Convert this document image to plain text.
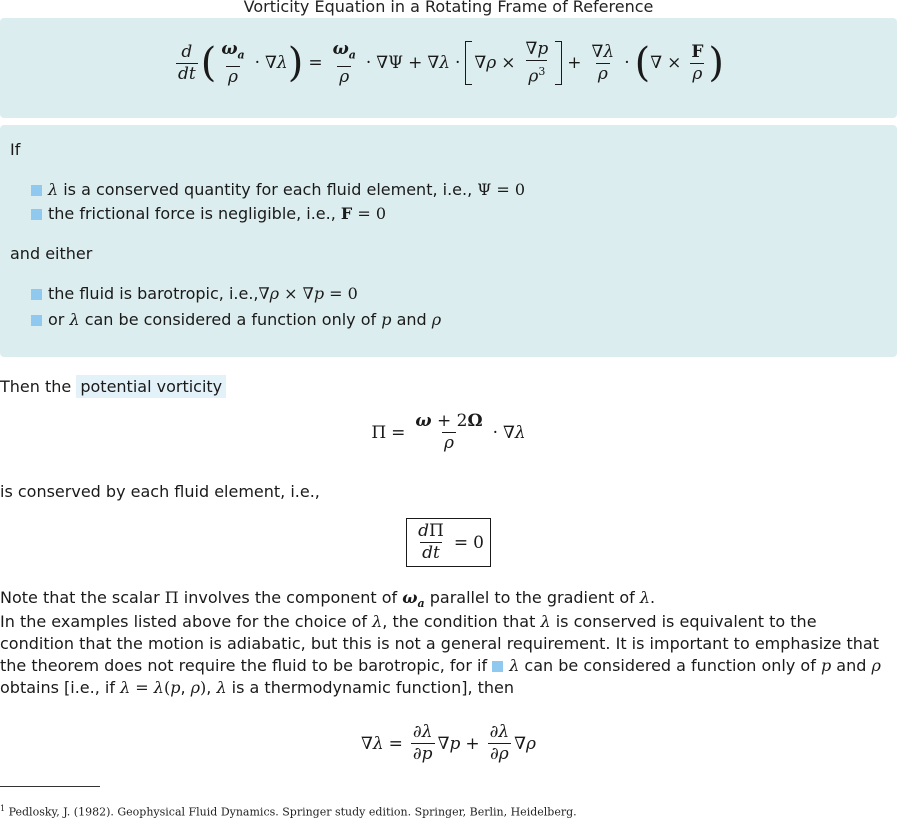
Vorticity Equation in a Rotating Frame of Reference
$\frac{d}{dt}$ ( $\frac{\omega_a}{\rho}$ · ∇ λ ) = $\frac{\omega_a}{\rho} \cdot \nabla\Psi$ + ∇ λ · ∇ $\rho \times \frac{\nabla p}{\rho^3} + \frac{\nabla\lambda}{\rho}$ · ( ∇ × $\frac{F}{\rho}$ )
If
λ is a conserved quantity for each fluid element, i.e., Ψ = 0
the frictional force is negligible, i.e., F = 0
and either
the fluid is barotropic, i.e.,∇ρ × ∇p = 0
or λ can be considered a function only of p and ρ
Then the potential vorticity
$\Pi = \frac{\omega + 2\Omega}{\rho}$ · ∇ λ
is conserved by each fluid element, i.e.,
$\frac{d\Pi}{dt} = 0$
Note that the scalar Π involves the component of $\omega_a$ parallel to the gradient of λ.
In the examples listed above for the choice of λ, the condition that λ is conserved is equivalent to the condition that the motion is adiabatic, but this is not a general requirement. It is important to emphasize that the theorem does not require the fluid to be barotropic, for if λ can be considered a function only of p and ρ obtains [i.e., if λ = λ(p, ρ), λ is a thermodynamic function], then
∇ $\lambda = \frac{\partial\lambda}{\partial p}$ ∇ $p + \frac{\partial\lambda}{\partial\rho}$ ∇ ρ
$^1$ Pedlosky, J. (1982). Geophysical Fluid Dynamics. Springer study edition. Springer, Berlin, Heidelberg.
